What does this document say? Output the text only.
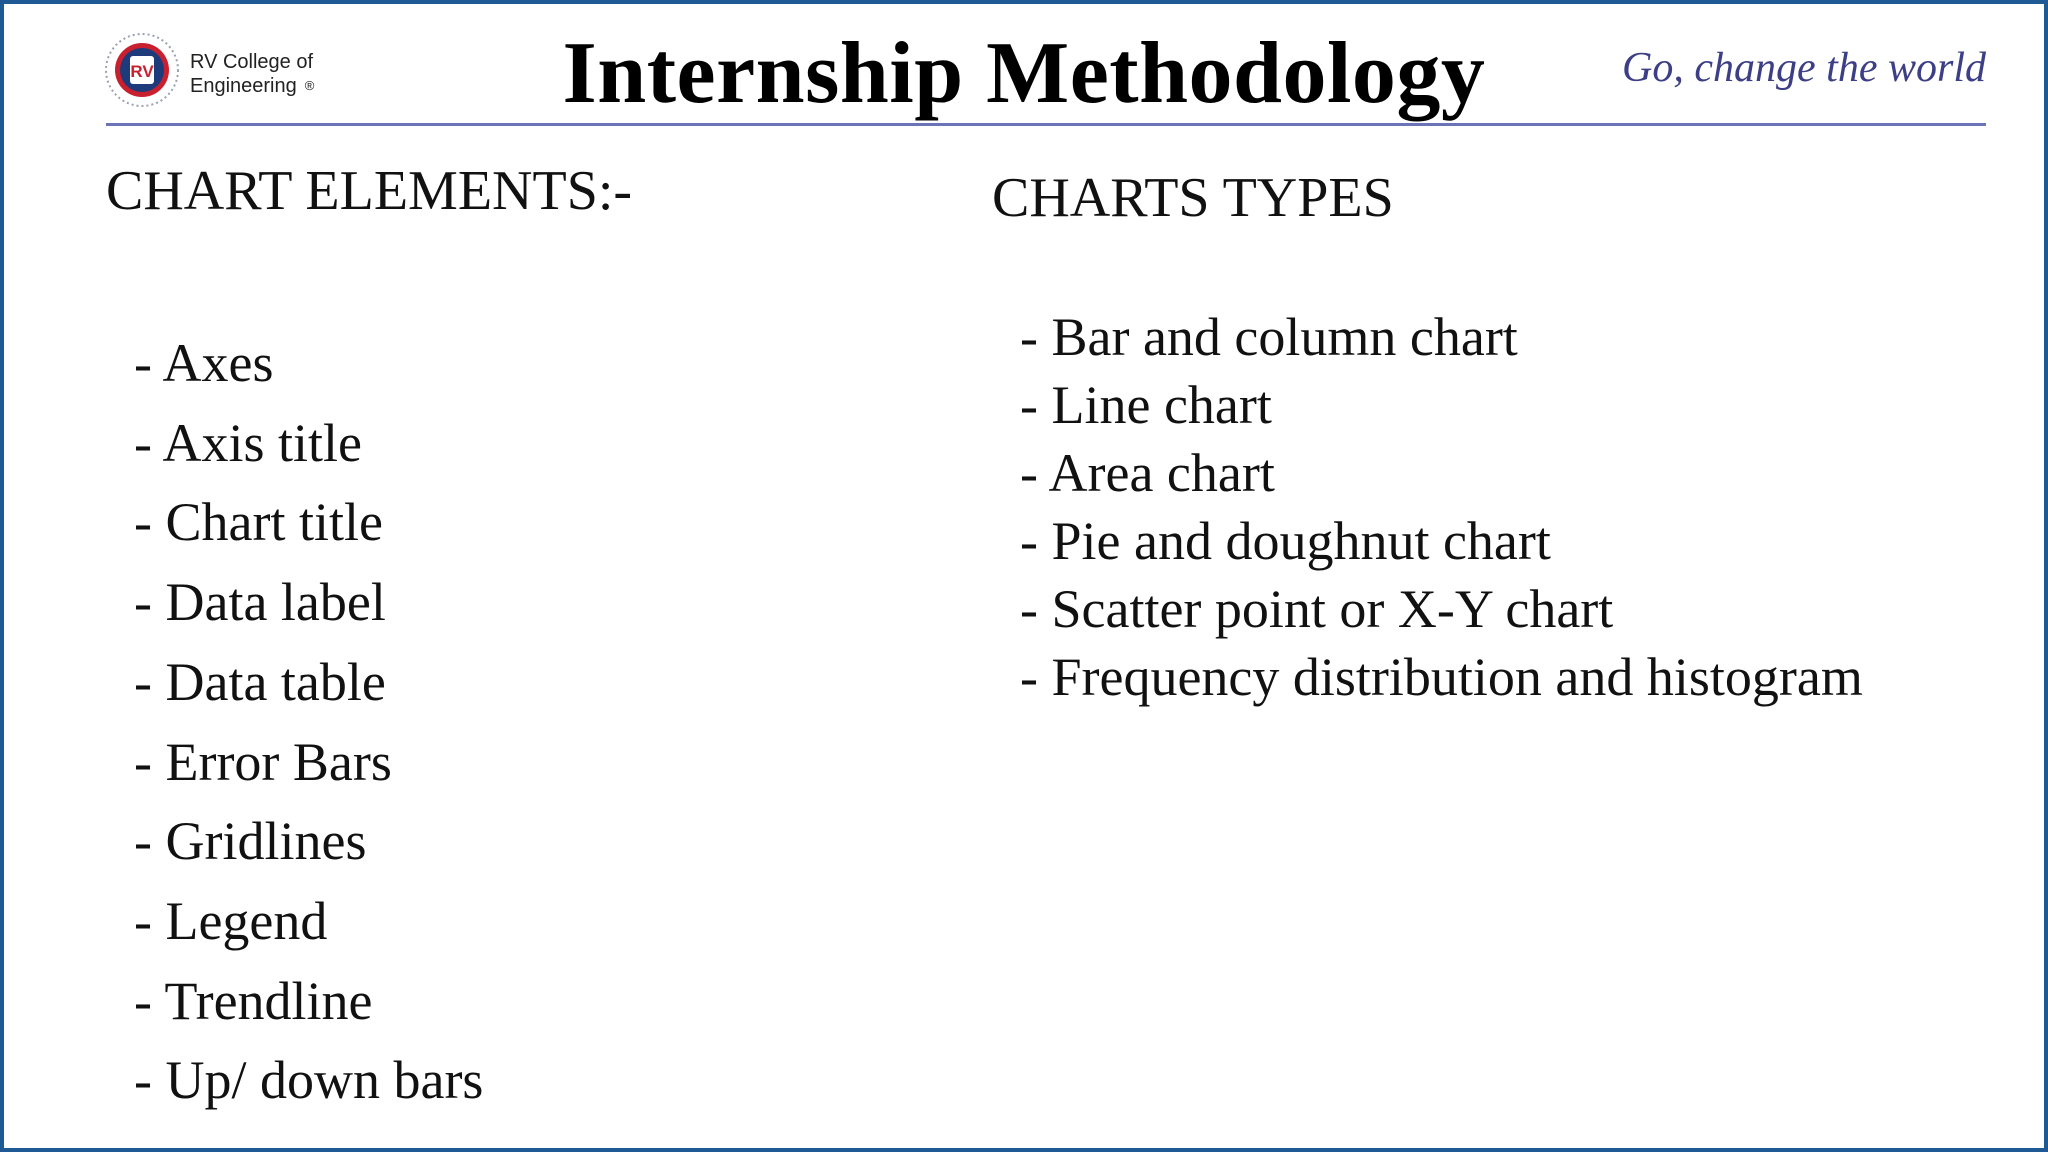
RV RV College of
Engineering ®	Internship Methodology	Go, change the world
CHART ELEMENTS:-
- Axes
- Axis title
- Chart title
- Data label
- Data table
- Error Bars
- Gridlines
- Legend
- Trendline
- Up/ down bars
CHARTS TYPES
- Bar and column chart
- Line chart
- Area chart
- Pie and doughnut chart
- Scatter point or X-Y chart
- Frequency distribution and histogram
